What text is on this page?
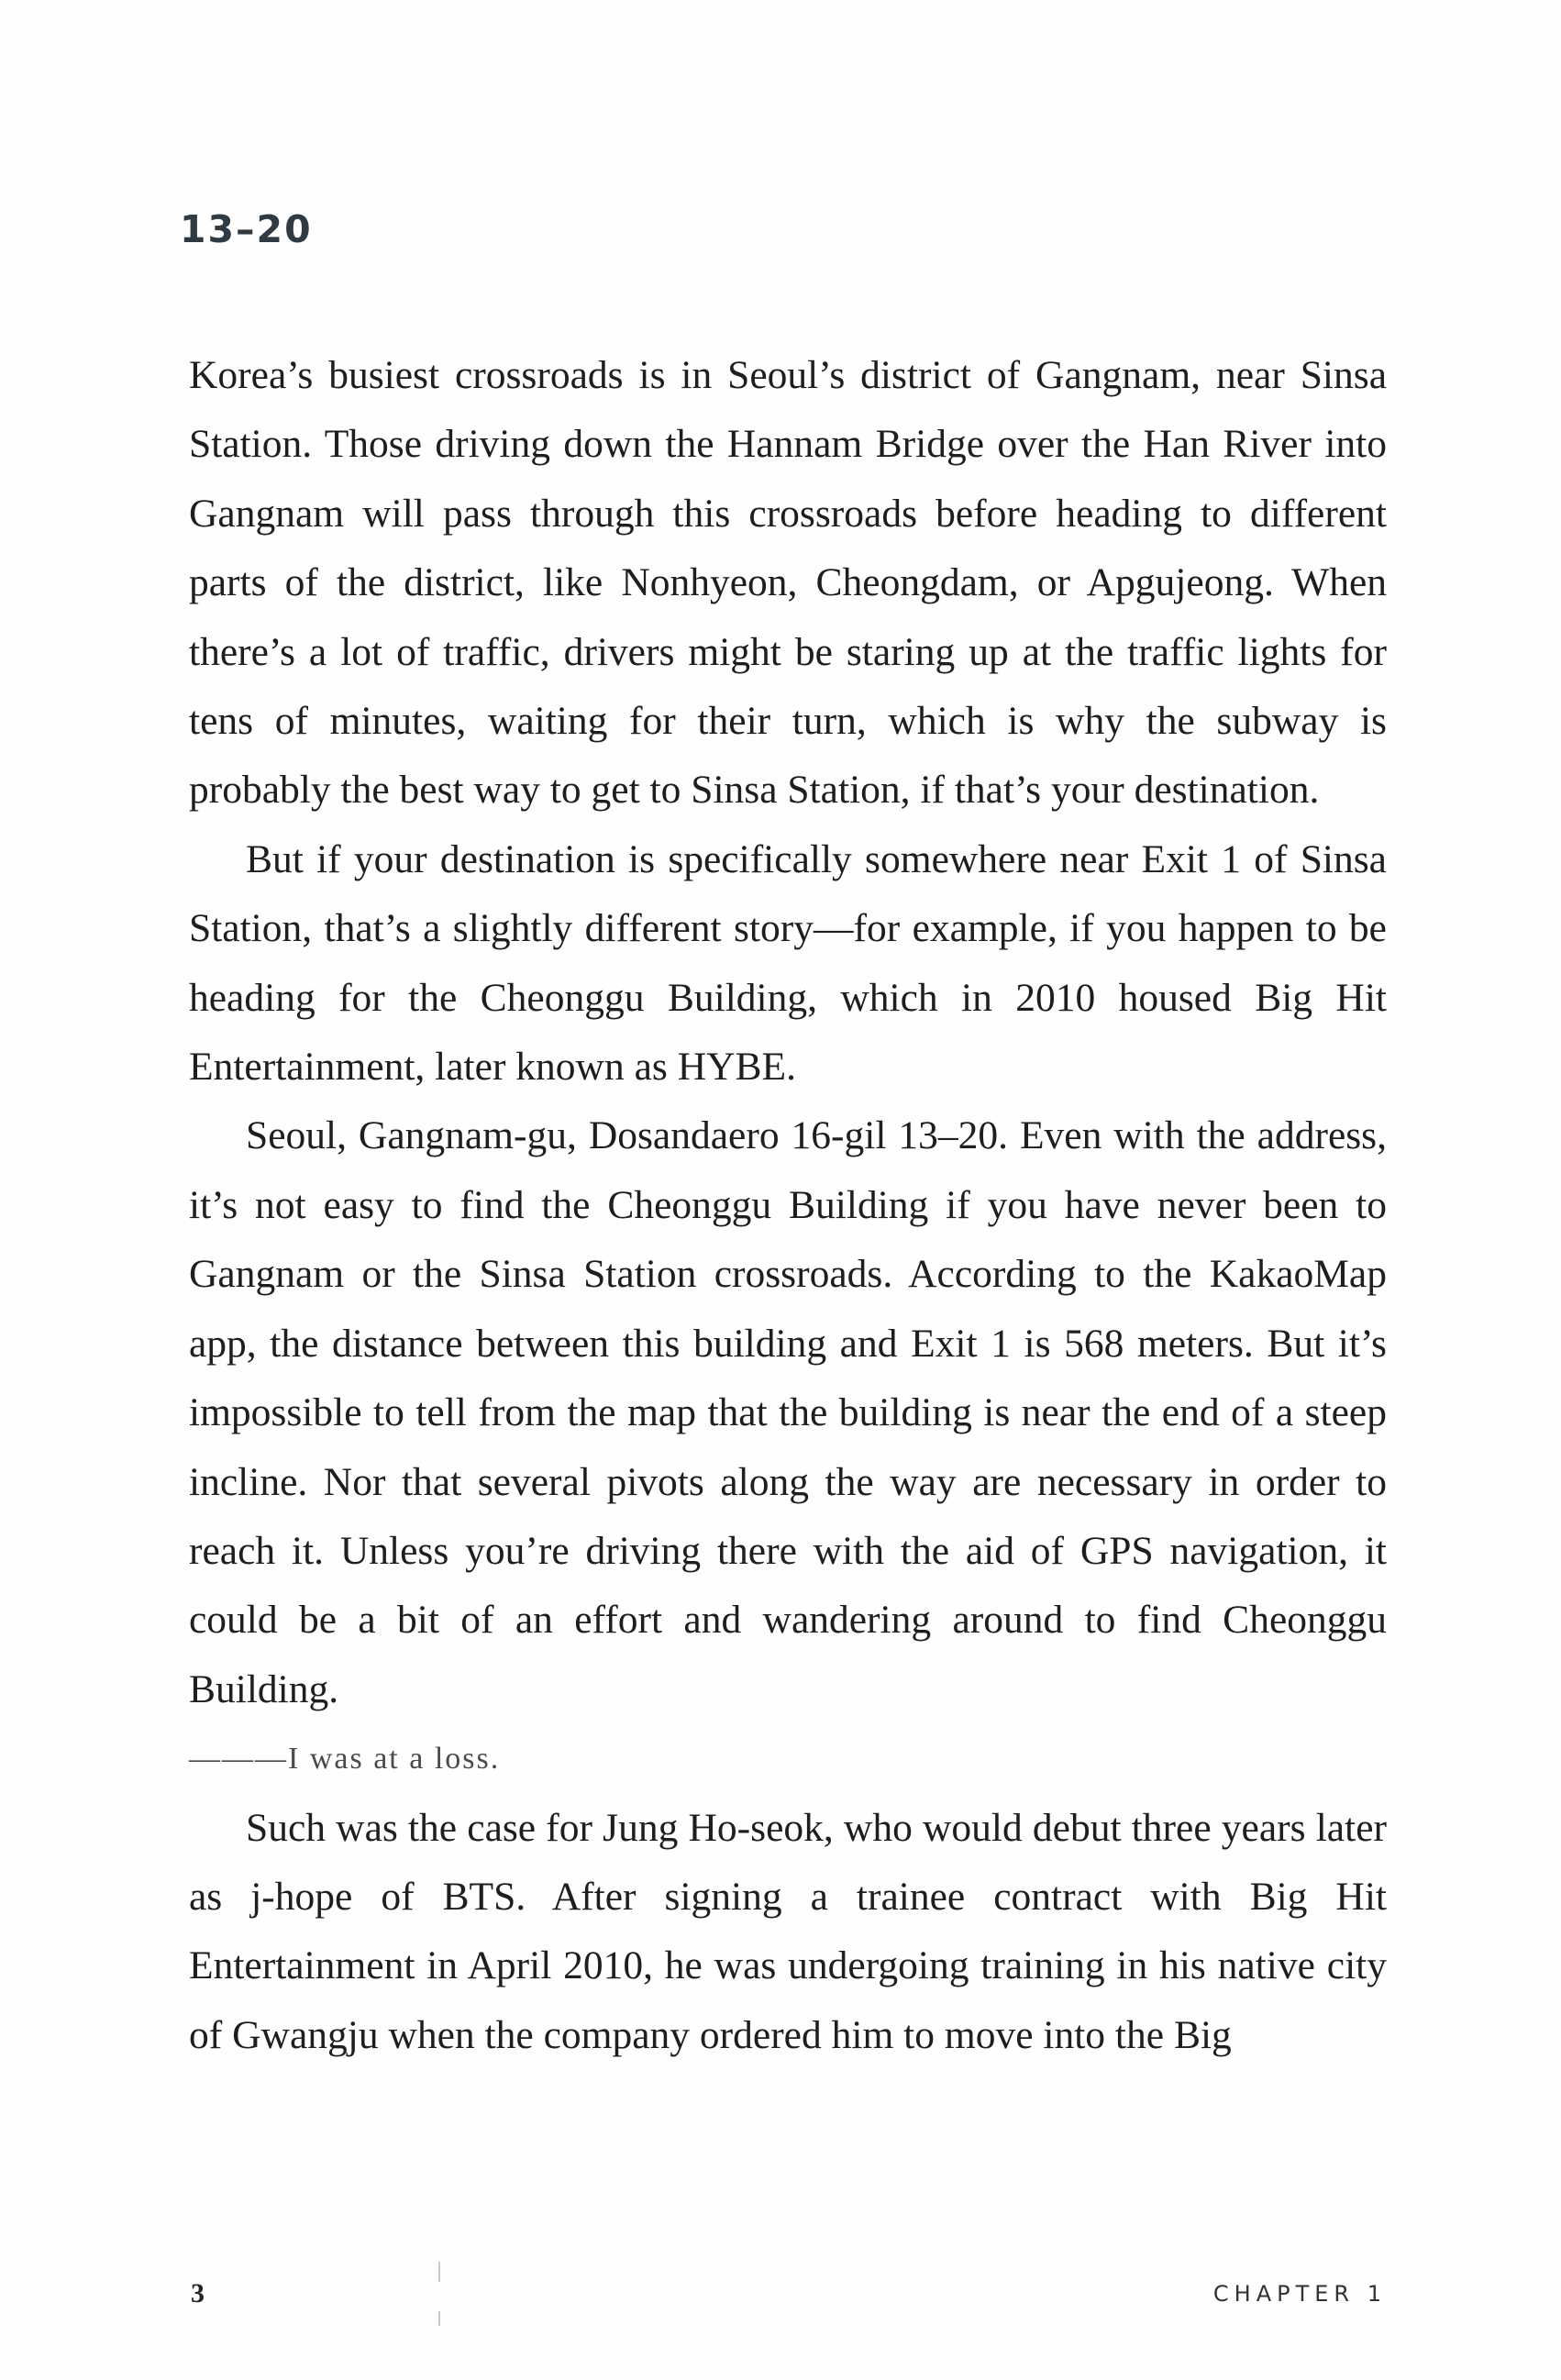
13–20

Korea’s busiest crossroads is in Seoul’s district of Gangnam, near Sinsa Station. Those driving down the Hannam Bridge over the Han River into Gangnam will pass through this crossroads before heading to different parts of the district, like Nonhyeon, Cheongdam, or Apgujeong. When there’s a lot of traffic, drivers might be staring up at the traffic lights for tens of minutes, waiting for their turn, which is why the subway is probably the best way to get to Sinsa Station, if that’s your destination.

But if your destination is specifically somewhere near Exit 1 of Sinsa Station, that’s a slightly different story—for example, if you happen to be heading for the Cheonggu Building, which in 2010 housed Big Hit Entertainment, later known as HYBE.

Seoul, Gangnam-gu, Dosandaero 16-gil 13–20. Even with the address, it’s not easy to find the Cheonggu Building if you have never been to Gangnam or the Sinsa Station crossroads. According to the KakaoMap app, the distance between this building and Exit 1 is 568 meters. But it’s impossible to tell from the map that the building is near the end of a steep incline. Nor that several pivots along the way are necessary in order to reach it. Unless you’re driving there with the aid of GPS navigation, it could be a bit of an effort and wandering around to find Cheonggu Building.

———I was at a loss.

Such was the case for Jung Ho-seok, who would debut three years later as j-hope of BTS. After signing a trainee contract with Big Hit Entertainment in April 2010, he was undergoing training in his native city of Gwangju when the company ordered him to move into the Big

3	CHAPTER 1
